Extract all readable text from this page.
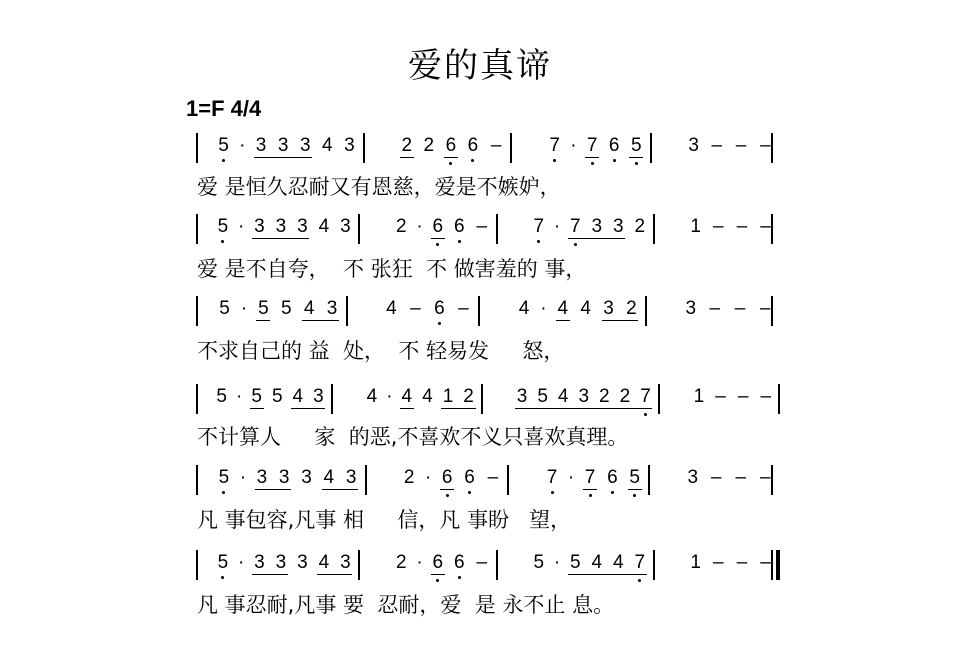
爱的真谛
1=F 4/4
5 · 3 3 3 4 3 2 2 6 6 –	7 · 7 6 5 3 – – –
爱 是恒久忍耐又有恩慈，爱是不嫉妒，
5 · 3 3 3 4 3 2 · 6 6 – 7 · 7 3 3 2 1 – – –
爱 是不自夸，  不 张狂  不 做害羞的 事，
5 · 5 5 4 3	4 – 6 –	4 · 4 4 3 2	3 – – –
不求自己的 益  处，  不 轻易发     怒，
5 · 5 5 4 3 4 · 4 4 1 2 3 5 4 3 2 2 7 1 – – –
不计算人     家  的恶,不喜欢不义只喜欢真理。
5 · 3 3 3 4 3 2 · 6 6 –	7 · 7 6 5 3 – – –
凡 事包容,凡事 相     信，凡 事盼   望，
5 · 3 3 3 4 3 2 · 6 6 – 5 · 5 4 4 7 1 – – –
凡 事忍耐,凡事 要  忍耐，爱  是 永不止 息。
